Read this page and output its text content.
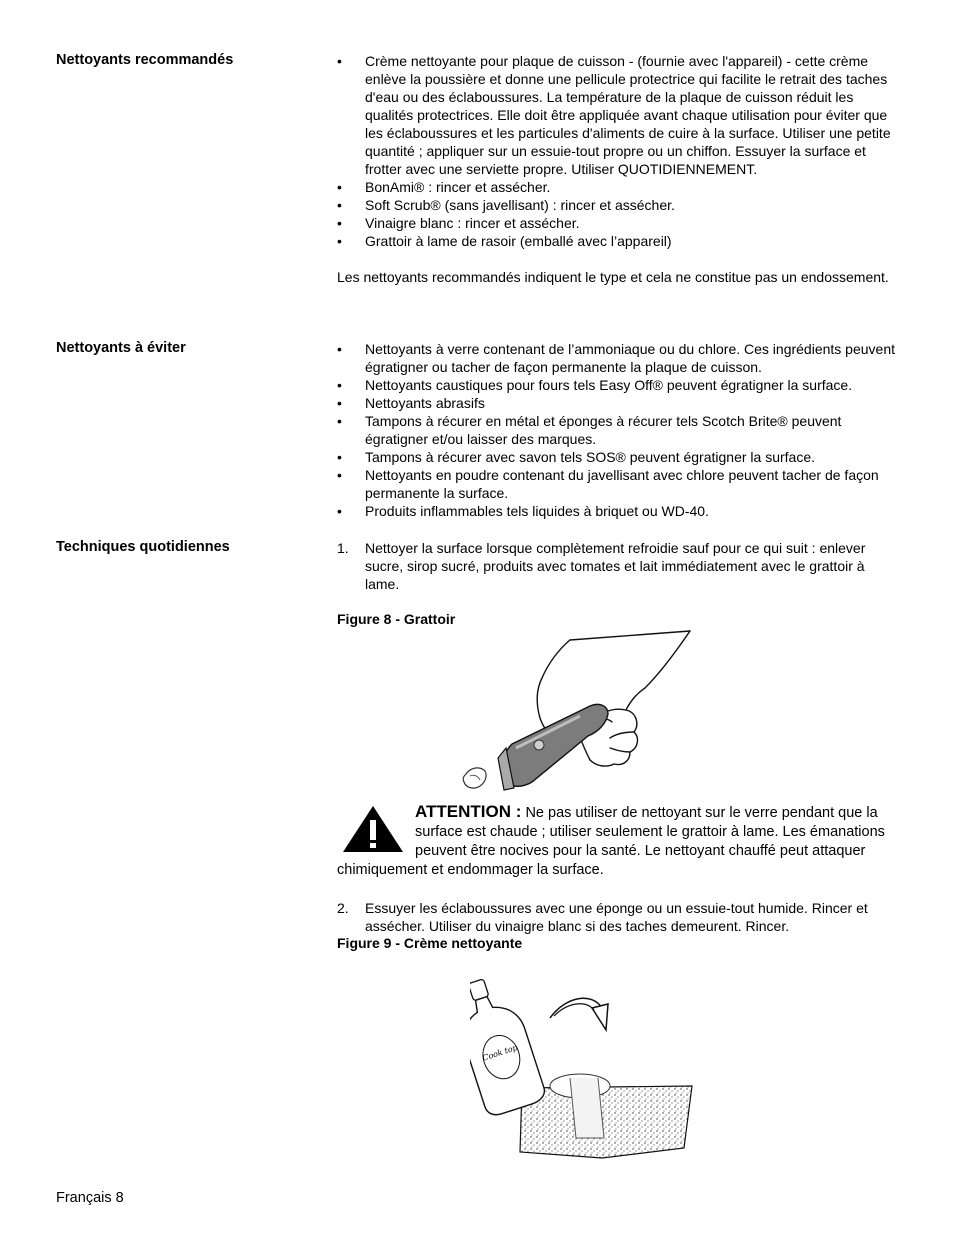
Nettoyants recommandés	• Crème nettoyante pour plaque de cuisson - (fournie avec l'appareil) - cette crème enlève la poussière et donne une pellicule protectrice qui facilite le retrait des taches d'eau ou des éclaboussures. La température de la plaque de cuisson réduit les qualités protectrices. Elle doit être appliquée avant chaque utilisation pour éviter que les éclaboussures et les particules d'aliments de cuire à la surface. Utiliser une petite quantité ; appliquer sur un essuie-tout propre ou un chiffon. Essuyer la surface et frotter avec une serviette propre. Utiliser QUOTIDIENNEMENT.
• BonAmi® : rincer et assécher.
• Soft Scrub® (sans javellisant) : rincer et assécher.
• Vinaigre blanc : rincer et assécher.
• Grattoir à lame de rasoir (emballé avec l’appareil)

Les nettoyants recommandés indiquent le type et cela ne constitue pas un endossement.

Nettoyants à éviter	• Nettoyants à verre contenant de l’ammoniaque ou du chlore. Ces ingrédients peuvent égratigner ou tacher de façon permanente la plaque de cuisson.
• Nettoyants caustiques pour fours tels Easy Off® peuvent égratigner la surface.
• Nettoyants abrasifs
• Tampons à récurer en métal et éponges à récurer tels Scotch Brite® peuvent égratigner et/ou laisser des marques.
• Tampons à récurer avec savon tels SOS® peuvent égratigner la surface.
• Nettoyants en poudre contenant du javellisant avec chlore peuvent tacher de façon permanente la surface.
• Produits inflammables tels liquides à briquet ou WD-40.
Techniques quotidiennes	1. Nettoyer la surface lorsque complètement refroidie sauf pour ce qui suit : enlever sucre, sirop sucré, produits avec tomates et lait immédiatement avec le grattoir à lame.
Figure 8 - Grattoir
ATTENTION : Ne pas utiliser de nettoyant sur le verre pendant que la surface est chaude ; utiliser seulement le grattoir à lame. Les émanations peuvent être nocives pour la santé. Le nettoyant chauffé peut attaquer chimiquement et endommager la surface.
2. Essuyer les éclaboussures avec une éponge ou un essuie-tout humide. Rincer et assécher. Utiliser du vinaigre blanc si des taches demeurent. Rincer.
Figure 9 - Crème nettoyante
Cook top
Français 8
